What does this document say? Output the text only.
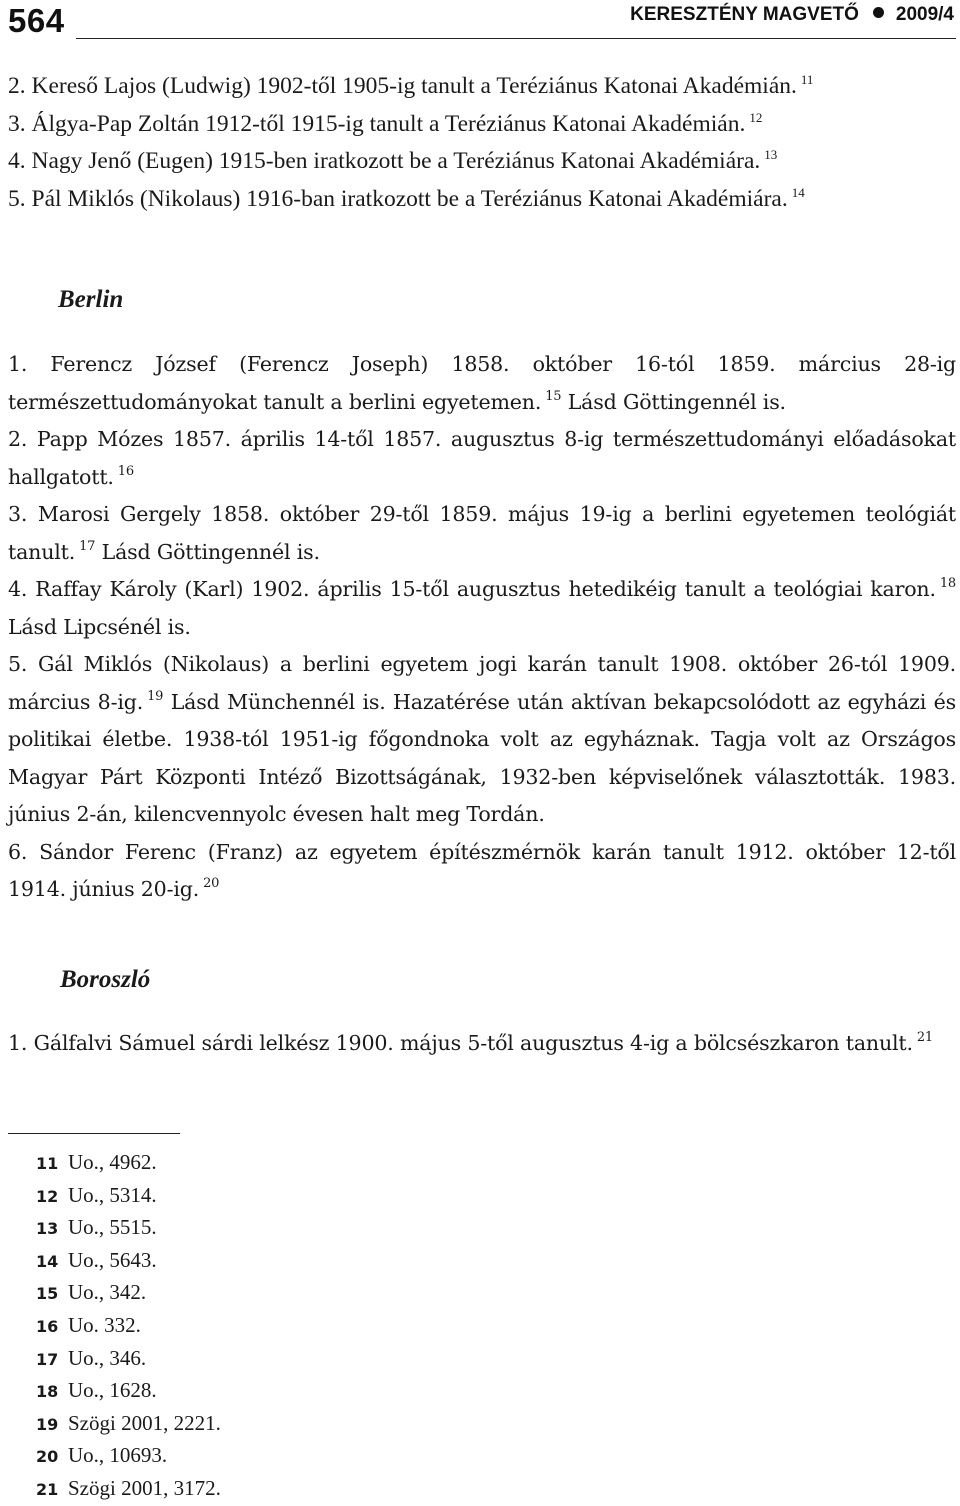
564	KERESZTÉNY MAGVETŐ 2009/4

2. Kereső Lajos (Ludwig) 1902-től 1905-ig tanult a Teréziánus Katonai Akadémián. $^{11}$

3. Álgya-Pap Zoltán 1912-től 1915-ig tanult a Teréziánus Katonai Akadémián. $^{12}$

4. Nagy Jenő (Eugen) 1915-ben iratkozott be a Teréziánus Katonai Akadémiára. $^{13}$

5. Pál Miklós (Nikolaus) 1916-ban iratkozott be a Teréziánus Katonai Akadémiára. $^{14}$

Berlin

1. Ferencz József (Ferencz Joseph) 1858. október 16-tól 1859. március 28-ig természettudományokat tanult a berlini egyetemen. $^{15}$ Lásd Göttingennél is.

2. Papp Mózes 1857. április 14-től 1857. augusztus 8-ig természettudományi előadásokat hallgatott. $^{16}$

3. Marosi Gergely 1858. október 29-től 1859. május 19-ig a berlini egyetemen teológiát tanult. $^{17}$ Lásd Göttingennél is.

4. Raffay Károly (Karl) 1902. április 15-től augusztus hetedikéig tanult a teológiai karon. $^{18}$ Lásd Lipcsénél is.

5. Gál Miklós (Nikolaus) a berlini egyetem jogi karán tanult 1908. október 26-tól 1909. március 8-ig. $^{19}$ Lásd Münchennél is. Hazatérése után aktívan bekapcsolódott az egyházi és politikai életbe. 1938-tól 1951-ig főgondnoka volt az egyháznak. Tagja volt az Országos Magyar Párt Központi Intéző Bizottságának, 1932-ben képviselőnek választották. 1983. június 2-án, kilencvennyolc évesen halt meg Tordán.

6. Sándor Ferenc (Franz) az egyetem építészmérnök karán tanult 1912. október 12-től 1914. június 20-ig. $^{20}$

Boroszló

1. Gálfalvi Sámuel sárdi lelkész 1900. május 5-től augusztus 4-ig a bölcsészkaron tanult. $^{21}$

11 Uo., 4962.
12 Uo., 5314.
13 Uo., 5515.
14 Uo., 5643.
15 Uo., 342.
16 Uo. 332.
17 Uo., 346.
18 Uo., 1628.
19 Szögi 2001, 2221.
20 Uo., 10693.
21 Szögi 2001, 3172.
